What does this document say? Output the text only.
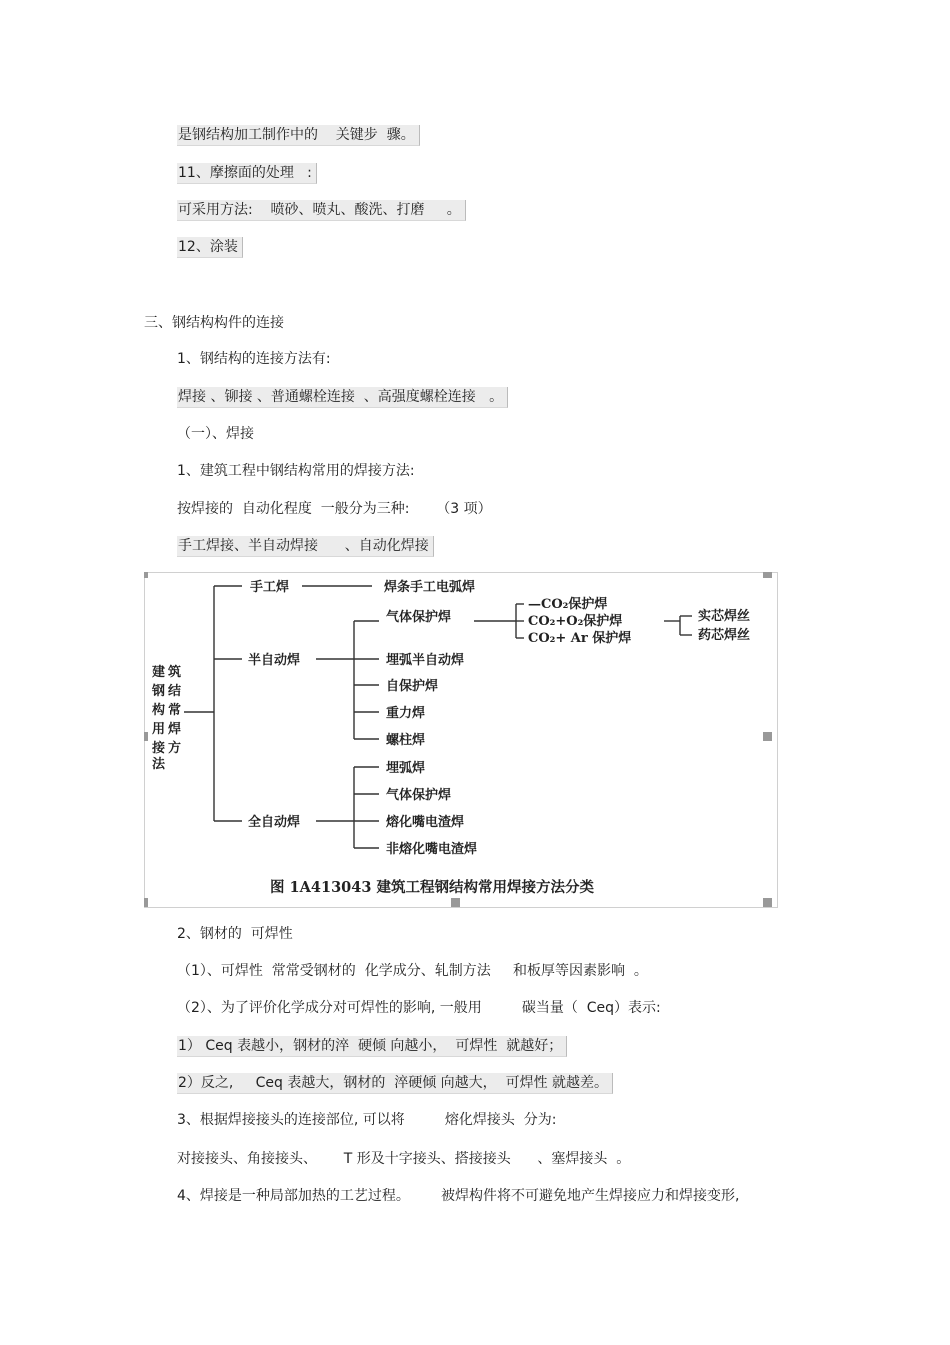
是钢结构加工制作中的    关键步  骤。
11、摩擦面的处理   :
可采用方法:    喷砂、喷丸、酸洗、打磨     。
12、涂装
三、钢结构构件的连接
1、钢结构的连接方法有:
焊接 、铆接 、普通螺栓连接  、高强度螺栓连接   。
（一）、焊接
1、建筑工程中钢结构常用的焊接方法:
按焊接的  自动化程度  一般分为三种:      （3 项）
手工焊接、半自动焊接      、自动化焊接
建
钢
构
用
接
法
筑
结
常
焊
方
手工焊
半自动焊
全自动焊
焊条手工电弧焊
气体保护焊
埋弧半自动焊
自保护焊
重力焊
螺柱焊
—CO₂保护焊
CO₂+O₂保护焊
CO₂+ Ar 保护焊
实芯焊丝
药芯焊丝
埋弧焊
气体保护焊
熔化嘴电渣焊
非熔化嘴电渣焊
图 1A413043 建筑工程钢结构常用焊接方法分类
2、钢材的  可焊性
（1）、可焊性  常常受钢材的  化学成分、轧制方法     和板厚等因素影响  。
（2）、为了评价化学成分对可焊性的影响, 一般用         碳当量（  Ceq）表示:
1） Ceq 表越小，钢材的淬  硬倾 向越小，  可焊性  就越好；
2）反之,     Ceq 表越大，钢材的  淬硬倾 向越大，  可焊性 就越差。
3、根据焊接接头的连接部位, 可以将         熔化焊接头  分为:
对接接头、角接接头、      T 形及十字接头、搭接接头      、塞焊接头  。
4、焊接是一种局部加热的工艺过程。       被焊构件将不可避免地产生焊接应力和焊接变形,
